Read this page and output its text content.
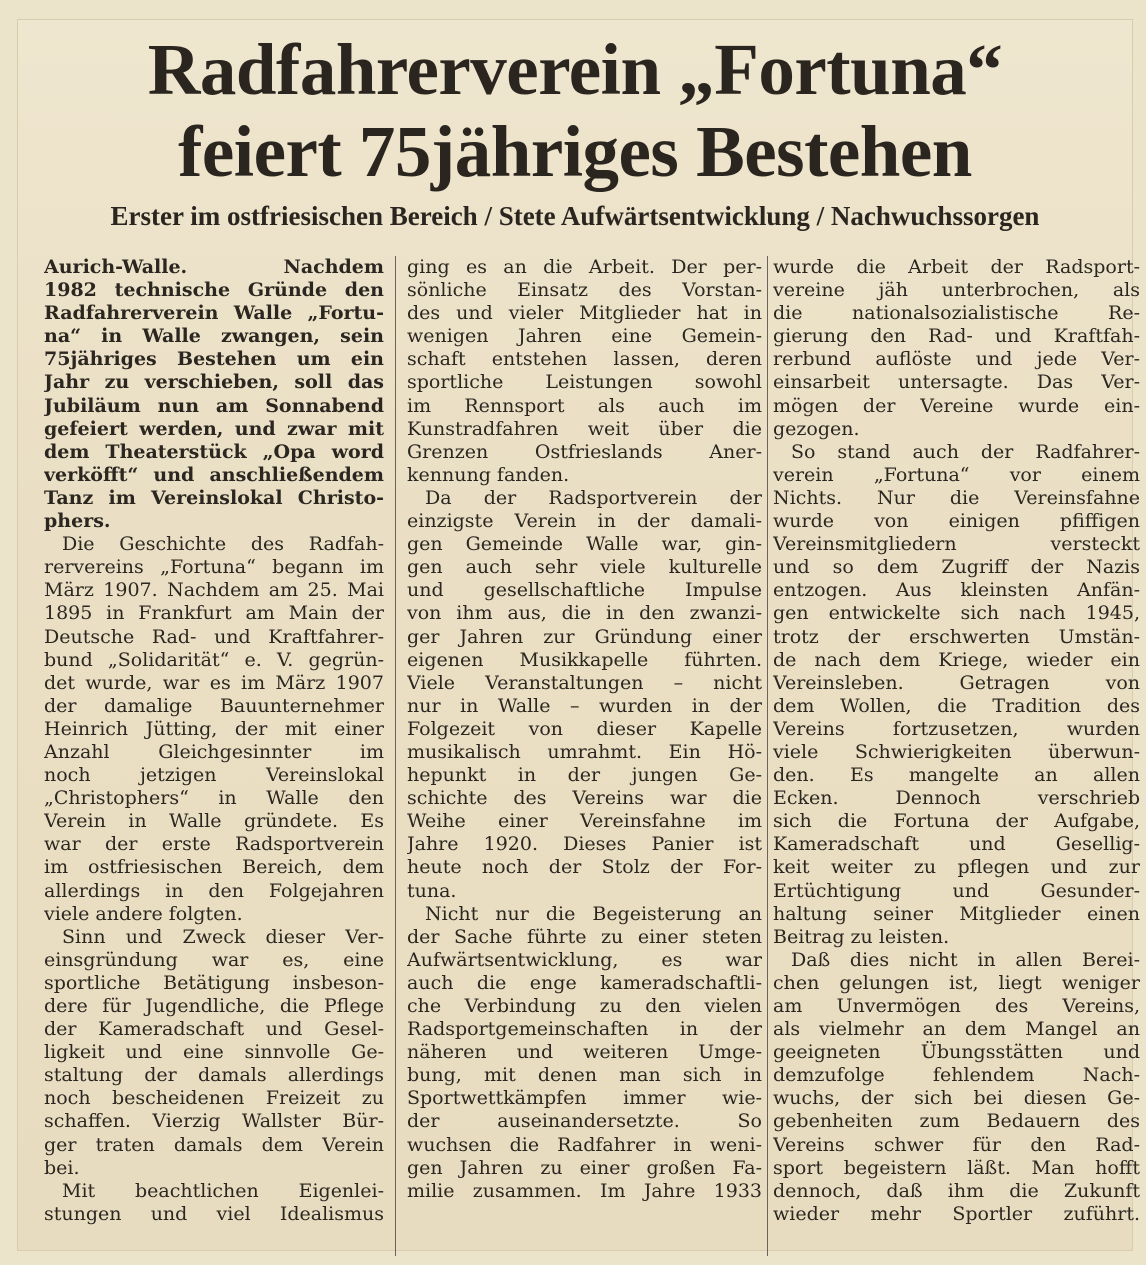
Radfahrerverein „Fortuna“
feiert 75jähriges Bestehen
Erster im ostfriesischen Bereich / Stete Aufwärtsentwicklung / Nachwuchssorgen
Aurich-Walle. Nachdem
1982 technische Gründe den
Radfahrerverein Walle „Fortu-
na“ in Walle zwangen, sein
75jähriges Bestehen um ein
Jahr zu verschieben, soll das
Jubiläum nun am Sonnabend
gefeiert werden, und zwar mit
dem Theaterstück „Opa word
verköfft“ und anschließendem
Tanz im Vereinslokal Christo-
phers.
Die Geschichte des Radfah-
rervereins „Fortuna“ begann im
März 1907. Nachdem am 25. Mai
1895 in Frankfurt am Main der
Deutsche Rad- und Kraftfahrer-
bund „Solidarität“ e. V. gegrün-
det wurde, war es im März 1907
der damalige Bauunternehmer
Heinrich Jütting, der mit einer
Anzahl Gleichgesinnter im
noch jetzigen Vereinslokal
„Christophers“ in Walle den
Verein in Walle gründete. Es
war der erste Radsportverein
im ostfriesischen Bereich, dem
allerdings in den Folgejahren
viele andere folgten.
Sinn und Zweck dieser Ver-
einsgründung war es, eine
sportliche Betätigung insbeson-
dere für Jugendliche, die Pflege
der Kameradschaft und Gesel-
ligkeit und eine sinnvolle Ge-
staltung der damals allerdings
noch bescheidenen Freizeit zu
schaffen. Vierzig Wallster Bür-
ger traten damals dem Verein
bei.
Mit beachtlichen Eigenlei-
stungen und viel Idealismus
ging es an die Arbeit. Der per-
sönliche Einsatz des Vorstan-
des und vieler Mitglieder hat in
wenigen Jahren eine Gemein-
schaft entstehen lassen, deren
sportliche Leistungen sowohl
im Rennsport als auch im
Kunstradfahren weit über die
Grenzen Ostfrieslands Aner-
kennung fanden.
Da der Radsportverein der
einzigste Verein in der damali-
gen Gemeinde Walle war, gin-
gen auch sehr viele kulturelle
und gesellschaftliche Impulse
von ihm aus, die in den zwanzi-
ger Jahren zur Gründung einer
eigenen Musikkapelle führten.
Viele Veranstaltungen – nicht
nur in Walle – wurden in der
Folgezeit von dieser Kapelle
musikalisch umrahmt. Ein Hö-
hepunkt in der jungen Ge-
schichte des Vereins war die
Weihe einer Vereinsfahne im
Jahre 1920. Dieses Panier ist
heute noch der Stolz der For-
tuna.
Nicht nur die Begeisterung an
der Sache führte zu einer steten
Aufwärtsentwicklung, es war
auch die enge kameradschaftli-
che Verbindung zu den vielen
Radsportgemeinschaften in der
näheren und weiteren Umge-
bung, mit denen man sich in
Sportwettkämpfen immer wie-
der auseinandersetzte. So
wuchsen die Radfahrer in weni-
gen Jahren zu einer großen Fa-
milie zusammen. Im Jahre 1933
wurde die Arbeit der Radsport-
vereine jäh unterbrochen, als
die nationalsozialistische Re-
gierung den Rad- und Kraftfah-
rerbund auflöste und jede Ver-
einsarbeit untersagte. Das Ver-
mögen der Vereine wurde ein-
gezogen.
So stand auch der Radfahrer-
verein „Fortuna“ vor einem
Nichts. Nur die Vereinsfahne
wurde von einigen pfiffigen
Vereinsmitgliedern versteckt
und so dem Zugriff der Nazis
entzogen. Aus kleinsten Anfän-
gen entwickelte sich nach 1945,
trotz der erschwerten Umstän-
de nach dem Kriege, wieder ein
Vereinsleben. Getragen von
dem Wollen, die Tradition des
Vereins fortzusetzen, wurden
viele Schwierigkeiten überwun-
den. Es mangelte an allen
Ecken. Dennoch verschrieb
sich die Fortuna der Aufgabe,
Kameradschaft und Gesellig-
keit weiter zu pflegen und zur
Ertüchtigung und Gesunder-
haltung seiner Mitglieder einen
Beitrag zu leisten.
Daß dies nicht in allen Berei-
chen gelungen ist, liegt weniger
am Unvermögen des Vereins,
als vielmehr an dem Mangel an
geeigneten Übungsstätten und
demzufolge fehlendem Nach-
wuchs, der sich bei diesen Ge-
gebenheiten zum Bedauern des
Vereins schwer für den Rad-
sport begeistern läßt. Man hofft
dennoch, daß ihm die Zukunft
wieder mehr Sportler zuführt.
